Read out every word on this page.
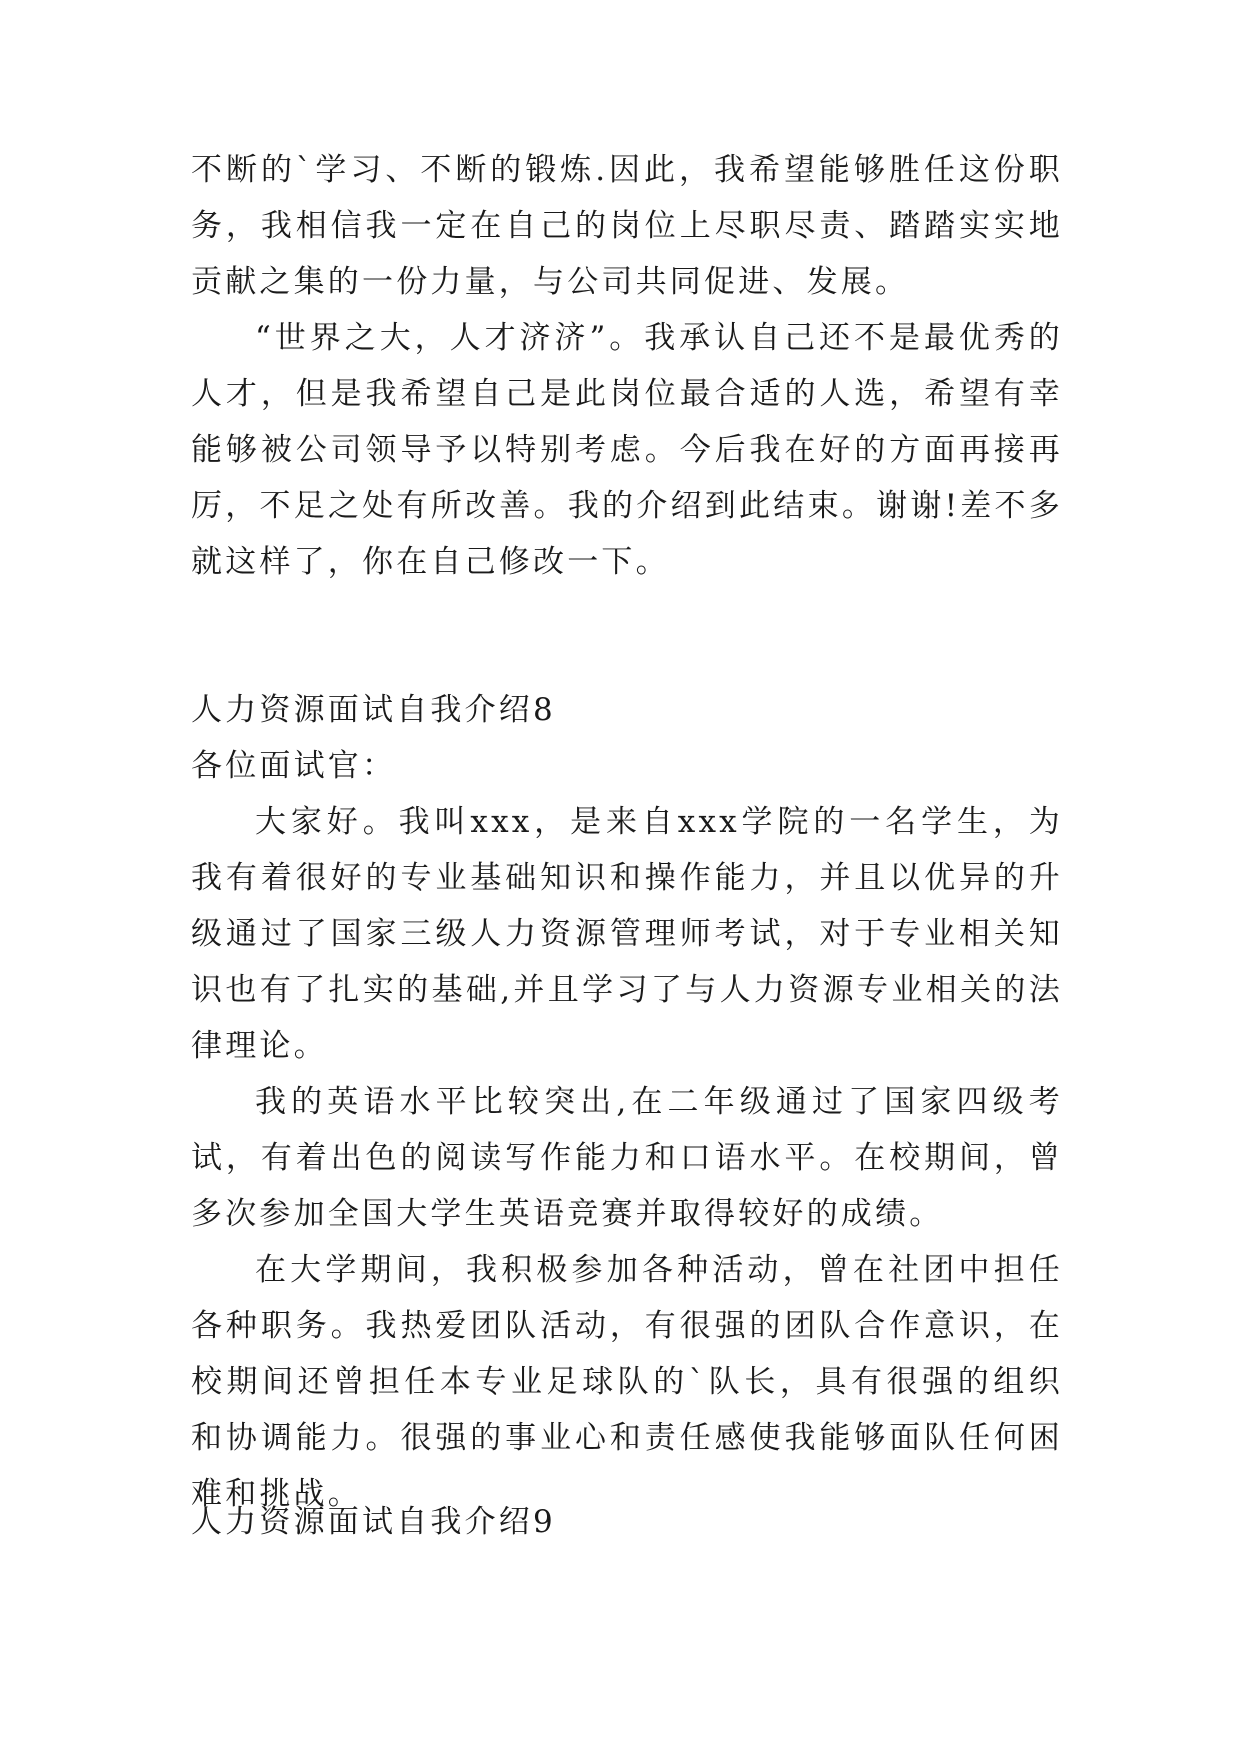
不断的`学习、不断的锻炼.因此，我希望能够胜任这份职务，我相信我一定在自己的岗位上尽职尽责、踏踏实实地贡献之集的一份力量，与公司共同促进、发展。

“世界之大，人才济济”。我承认自己还不是最优秀的人才，但是我希望自己是此岗位最合适的人选，希望有幸能够被公司领导予以特别考虑。今后我在好的方面再接再厉，不足之处有所改善。我的介绍到此结束。谢谢!差不多就这样了，你在自己修改一下。

人力资源面试自我介绍8

各位面试官：

大家好。我叫xxx，是来自xxx学院的一名学生，为我有着很好的专业基础知识和操作能力，并且以优异的升级通过了国家三级人力资源管理师考试，对于专业相关知识也有了扎实的基础,并且学习了与人力资源专业相关的法律理论。

我的英语水平比较突出,在二年级通过了国家四级考试，有着出色的阅读写作能力和口语水平。在校期间，曾多次参加全国大学生英语竞赛并取得较好的成绩。

在大学期间，我积极参加各种活动，曾在社团中担任各种职务。我热爱团队活动，有很强的团队合作意识，在校期间还曾担任本专业足球队的`队长，具有很强的组织和协调能力。很强的事业心和责任感使我能够面队任何困难和挑战。

人力资源面试自我介绍9
